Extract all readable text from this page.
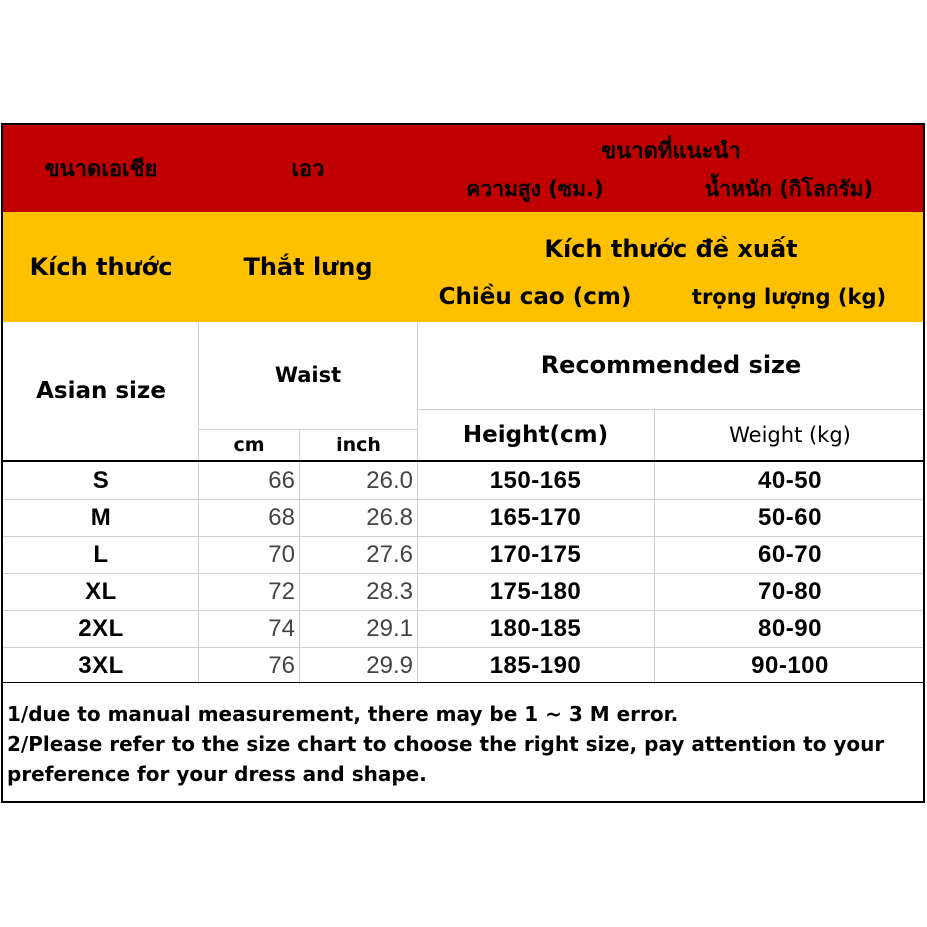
ขนาดเอเชีย	เอว
ขนาดที่แนะนำ
ความสูง (ซม.)	น้ำหนัก (กิโลกรัม)
Kích thước	Thắt lưng
Kích thước đề xuất
Chiều cao (cm)	trọng lượng (kg)
Asian size
Waist	Recommended size
cm	inch	Height(cm)	Weight (kg)
S	66	26.0	150-165	40-50
M	68	26.8	165-170	50-60
L	70	27.6	170-175	60-70
XL	72	28.3	175-180	70-80
2XL	74	29.1	180-185	80-90
3XL	76	29.9	185-190	90-100
1/due to manual measurement, there may be 1 ~ 3 M error.
2/Please refer to the size chart to choose the right size, pay attention to your
preference for your dress and shape.
